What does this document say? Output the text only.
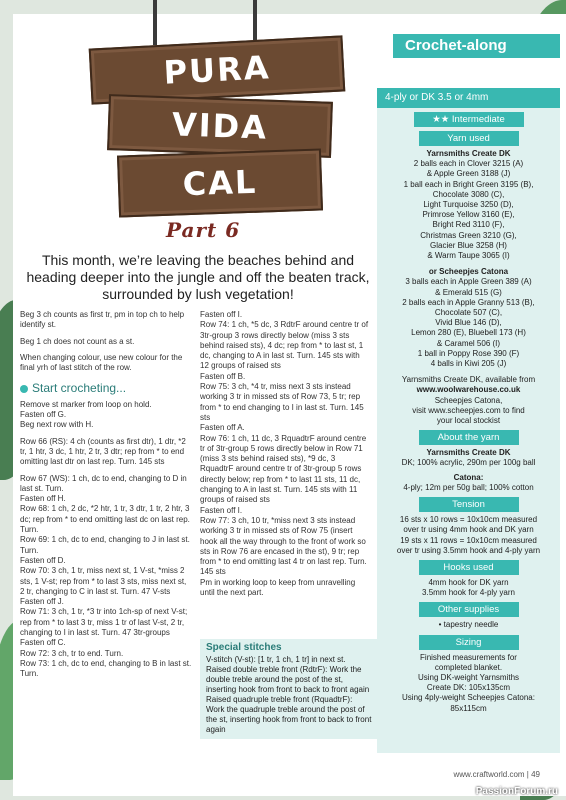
PURA
VIDA
CAL
Part 6
Crochet-along
This month, we’re leaving the beaches behind and heading deeper into the jungle and off the beaten track, surrounded by lush vegetation!

Beg 3 ch counts as first tr, pm in top ch to help identify st.

Beg 1 ch does not count as a st.

When changing colour, use new colour for the final yrh of last stitch of the row.

Start crocheting...

Remove st marker from loop on hold.

Fasten off G.

Beg next row with H.

Row 66 (RS): 4 ch (counts as first dtr), 1 dtr, *2 tr, 1 htr, 3 dc, 1 htr, 2 tr, 3 dtr; rep from * to end omitting last dtr on last rep. Turn. 145 sts

Row 67 (WS): 1 ch, dc to end, changing to D in last st. Turn.

Fasten off H.

Row 68: 1 ch, 2 dc, *2 htr, 1 tr, 3 dtr, 1 tr, 2 htr, 3 dc; rep from * to end omitting last dc on last rep. Turn.

Row 69: 1 ch, dc to end, changing to J in last st. Turn.

Fasten off D.

Row 70: 3 ch, 1 tr, miss next st, 1 V-st, *miss 2 sts, 1 V-st; rep from * to last 3 sts, miss next st, 2 tr, changing to C in last st. Turn. 47 V-sts

Fasten off J.

Row 71: 3 ch, 1 tr, *3 tr into 1ch-sp of next V-st; rep from * to last 3 tr, miss 1 tr of last V-st, 2 tr, changing to I in last st. Turn. 47 3tr-groups

Fasten off C.

Row 72: 3 ch, tr to end. Turn.

Row 73: 1 ch, dc to end, changing to B in last st. Turn.

Fasten off I.

Row 74: 1 ch, *5 dc, 3 RdtrF around centre tr of 3tr-group 3 rows directly below (miss 3 sts behind raised sts), 4 dc; rep from * to last st, 1 dc, changing to A in last st. Turn. 145 sts with 12 groups of raised sts

Fasten off B.

Row 75: 3 ch, *4 tr, miss next 3 sts instead working 3 tr in missed sts of Row 73, 5 tr; rep from * to end changing to I in last st. Turn. 145 sts

Fasten off A.

Row 76: 1 ch, 11 dc, 3 RquadtrF around centre tr of 3tr-group 5 rows directly below in Row 71 (miss 3 sts behind raised sts), *9 dc, 3 RquadtrF around centre tr of 3tr-group 5 rows directly below; rep from * to last 11 sts, 11 dc, changing to A in last st. Turn. 145 sts with 11 groups of raised sts

Fasten off I.

Row 77: 3 ch, 10 tr, *miss next 3 sts instead working 3 tr in missed sts of Row 75 (insert hook all the way through to the front of work so sts in Row 76 are encased in the st), 9 tr; rep from * to end omitting last 4 tr on last rep. Turn. 145 sts

Pm in working loop to keep from unravelling until the next part.

Special stitches
V-stitch (V-st): [1 tr, 1 ch, 1 tr] in next st.
Raised double treble front (RdtrF): Work the double treble around the post of the st, inserting hook from front to back to front again
Raised quadruple treble front (RquadtrF): Work the quadruple treble around the post of the st, inserting hook from front to back to front again
4-ply or DK 3.5 or 4mm
★★ Intermediate
Yarn used
Yarnsmiths Create DK
2 balls each in Clover 3215 (A)
& Apple Green 3188 (J)
1 ball each in Bright Green 3195 (B),
Chocolate 3080 (C),
Light Turquoise 3250 (D),
Primrose Yellow 3160 (E),
Bright Red 3110 (F),
Christmas Green 3210 (G),
Glacier Blue 3258 (H)
& Warm Taupe 3065 (I)
or Scheepjes Catona
3 balls each in Apple Green 389 (A)
& Emerald 515 (G)
2 balls each in Apple Granny 513 (B),
Chocolate 507 (C),
Vivid Blue 146 (D),
Lemon 280 (E), Bluebell 173 (H)
& Caramel 506 (I)
1 ball in Poppy Rose 390 (F)
4 balls in Kiwi 205 (J)
Yarnsmiths Create DK, available from
www.woolwarehouse.co.uk
Scheepjes Catona,
visit www.scheepjes.com to find
your local stockist
About the yarn
Yarnsmiths Create DK
DK; 100% acrylic, 290m per 100g ball
Catona:
4-ply; 12m per 50g ball; 100% cotton
Tension
16 sts x 10 rows = 10x10cm measured
over tr using 4mm hook and DK yarn
19 sts x 11 rows = 10x10cm measured
over tr using 3.5mm hook and 4-ply yarn
Hooks used
4mm hook for DK yarn
3.5mm hook for 4-ply yarn
Other supplies
• tapestry needle
Sizing
Finished measurements for
completed blanket.
Using DK-weight Yarnsmiths
Create DK: 105x135cm
Using 4ply-weight Scheepjes Catona:
85x115cm
www.craftworld.com | 49
PassionForum.ru
